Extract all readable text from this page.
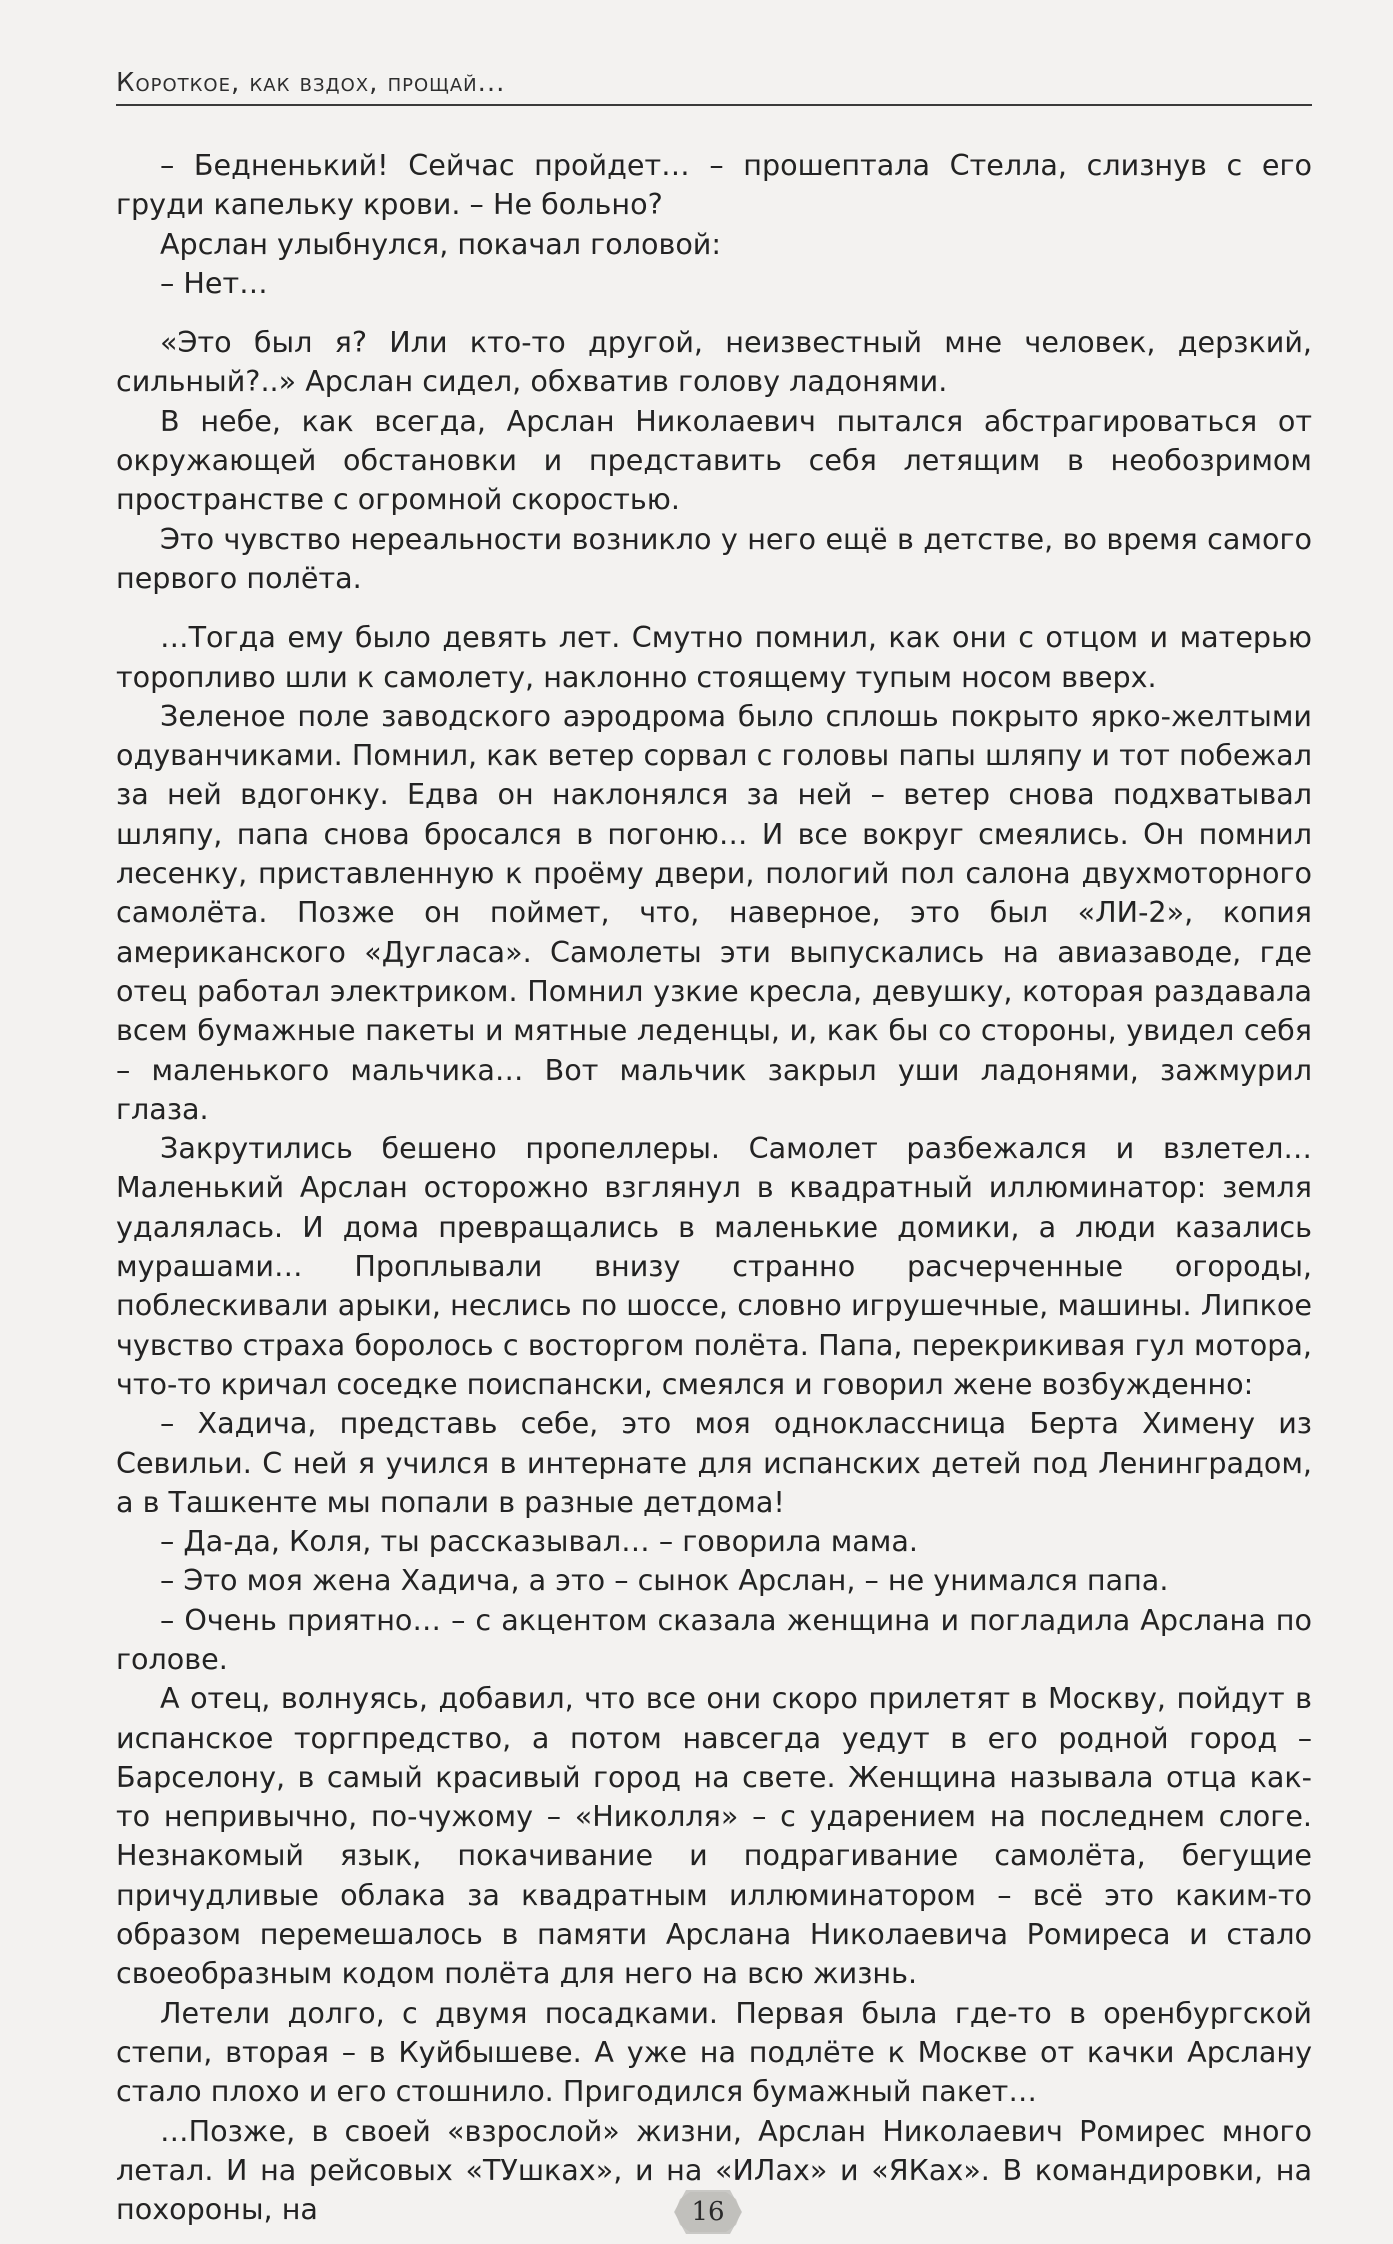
Короткое, как вздох, прощай...

– Бедненький! Сейчас пройдет… – прошептала Стелла, слизнув с его груди капельку крови. – Не больно?

Арслан улыбнулся, покачал головой:

– Нет…

«Это был я? Или кто-то другой, неизвестный мне человек, дерзкий, сильный?..» Арслан сидел, обхватив голову ладонями.

В небе, как всегда, Арслан Николаевич пытался абстрагироваться от окружающей обстановки и представить себя летящим в необозримом пространстве с огромной скоростью.

Это чувство нереальности возникло у него ещё в детстве, во время самого первого полёта.

…Тогда ему было девять лет. Смутно помнил, как они с отцом и матерью торопливо шли к самолету, наклонно стоящему тупым носом вверх.

Зеленое поле заводского аэродрома было сплошь покрыто ярко-желтыми одуванчиками. Помнил, как ветер сорвал с головы папы шляпу и тот побежал за ней вдогонку. Едва он наклонялся за ней – ветер снова подхватывал шляпу, папа снова бросался в погоню… И все вокруг смеялись. Он помнил лесенку, приставленную к проёму двери, пологий пол салона двухмоторного самолёта. Позже он поймет, что, наверное, это был «ЛИ-2», копия американского «Дугласа». Самолеты эти выпускались на авиазаводе, где отец работал электриком. Помнил узкие кресла, девушку, которая раздавала всем бумажные пакеты и мятные леденцы, и, как бы со стороны, увидел себя – маленького мальчика… Вот мальчик закрыл уши ладонями, зажмурил глаза.

Закрутились бешено пропеллеры. Самолет разбежался и взлетел… Маленький Арслан осторожно взглянул в квадратный иллюминатор: земля удалялась. И дома превращались в маленькие домики, а люди казались мурашами… Проплывали внизу странно расчерченные огороды, поблескивали арыки, неслись по шоссе, словно игрушечные, машины. Липкое чувство страха боролось с восторгом полёта. Папа, перекрикивая гул мотора, что-то кричал соседке поиспански, смеялся и говорил жене возбужденно:

– Хадича, представь себе, это моя одноклассница Берта Химену из Севильи. С ней я учился в интернате для испанских детей под Ленинградом, а в Ташкенте мы попали в разные детдома!

– Да-да, Коля, ты рассказывал… – говорила мама.

– Это моя жена Хадича, а это – сынок Арслан, – не унимался папа.

– Очень приятно… – с акцентом сказала женщина и погладила Арслана по голове.

А отец, волнуясь, добавил, что все они скоро прилетят в Москву, пойдут в испанское торгпредство, а потом навсегда уедут в его родной город – Барселону, в самый красивый город на свете. Женщина называла отца как-то непривычно, по-чужому – «Николля» – с ударением на последнем слоге. Незнакомый язык, покачивание и подрагивание самолёта, бегущие причудливые облака за квадратным иллюминатором – всё это каким-то образом перемешалось в памяти Арслана Николаевича Ромиреса и стало своеобразным кодом полёта для него на всю жизнь.

Летели долго, с двумя посадками. Первая была где-то в оренбургской степи, вторая – в Куйбышеве. А уже на подлёте к Москве от качки Арслану стало плохо и его стошнило. Пригодился бумажный пакет…

…Позже, в своей «взрослой» жизни, Арслан Николаевич Ромирес много летал. И на рейсовых «ТУшках», и на «ИЛах» и «ЯКах». В командировки, на похороны, на	16
